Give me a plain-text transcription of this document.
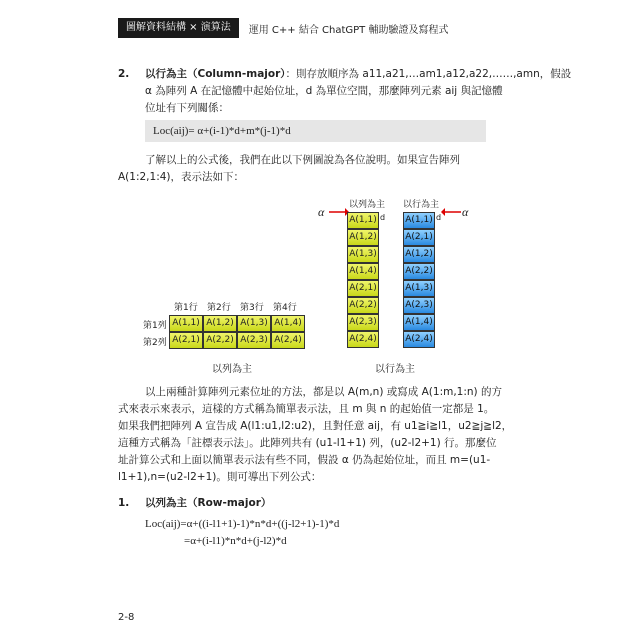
圖解資料結構 × 演算法	運用 C++ 結合 ChatGPT 輔助驗證及寫程式
2. 以行為主（Column-major）：則存放順序為 a11,a21,…am1,a12,a22,……,amn，假設
α 為陣列 A 在記憶體中起始位址，d 為單位空間，那麼陣列元素 aij 與記憶體
位址有下列關係：
Loc(aij)= α+(i-1)*d+m*(j-1)*d
了解以上的公式後，我們在此以下例圖說為各位說明。如果宣告陣列
A(1:2,1:4)，表示法如下：
以列為主 以行為主
α	α
A(1,1)
A(1,2)
A(1,3)
A(1,4)
A(2,1)
A(2,2)
A(2,3)
A(2,4)
A(1,1)
A(2,1)
A(1,2)
A(2,2)
A(1,3)
A(2,3)
A(1,4)
A(2,4)
d	d
第1行 第2行 第3行 第4行
第1列 A(1,1) A(1,2) A(1,3) A(1,4)
第2列 A(2,1) A(2,2) A(2,3) A(2,4)
以列為主	以行為主
以上兩種計算陣列元素位址的方法，都是以 A(m,n) 或寫成 A(1:m,1:n) 的方
式來表示來表示，這樣的方式稱為簡單表示法，且 m 與 n 的起始值一定都是 1。
如果我們把陣列 A 宣告成 A(l1:u1,l2:u2)，且對任意 aij，有 u1≧i≧l1，u2≧j≧l2，
這種方式稱為「註標表示法」。此陣列共有 (u1-l1+1) 列，(u2-l2+1) 行。那麼位
址計算公式和上面以簡單表示法有些不同，假設 α 仍為起始位址，而且 m=(u1-
l1+1),n=(u2-l2+1)。則可導出下列公式：
1. 以列為主（Row-major）
Loc(aij)=α+((i-l1+1)-1)*n*d+((j-l2+1)-1)*d
=α+(i-l1)*n*d+(j-l2)*d
2-8
